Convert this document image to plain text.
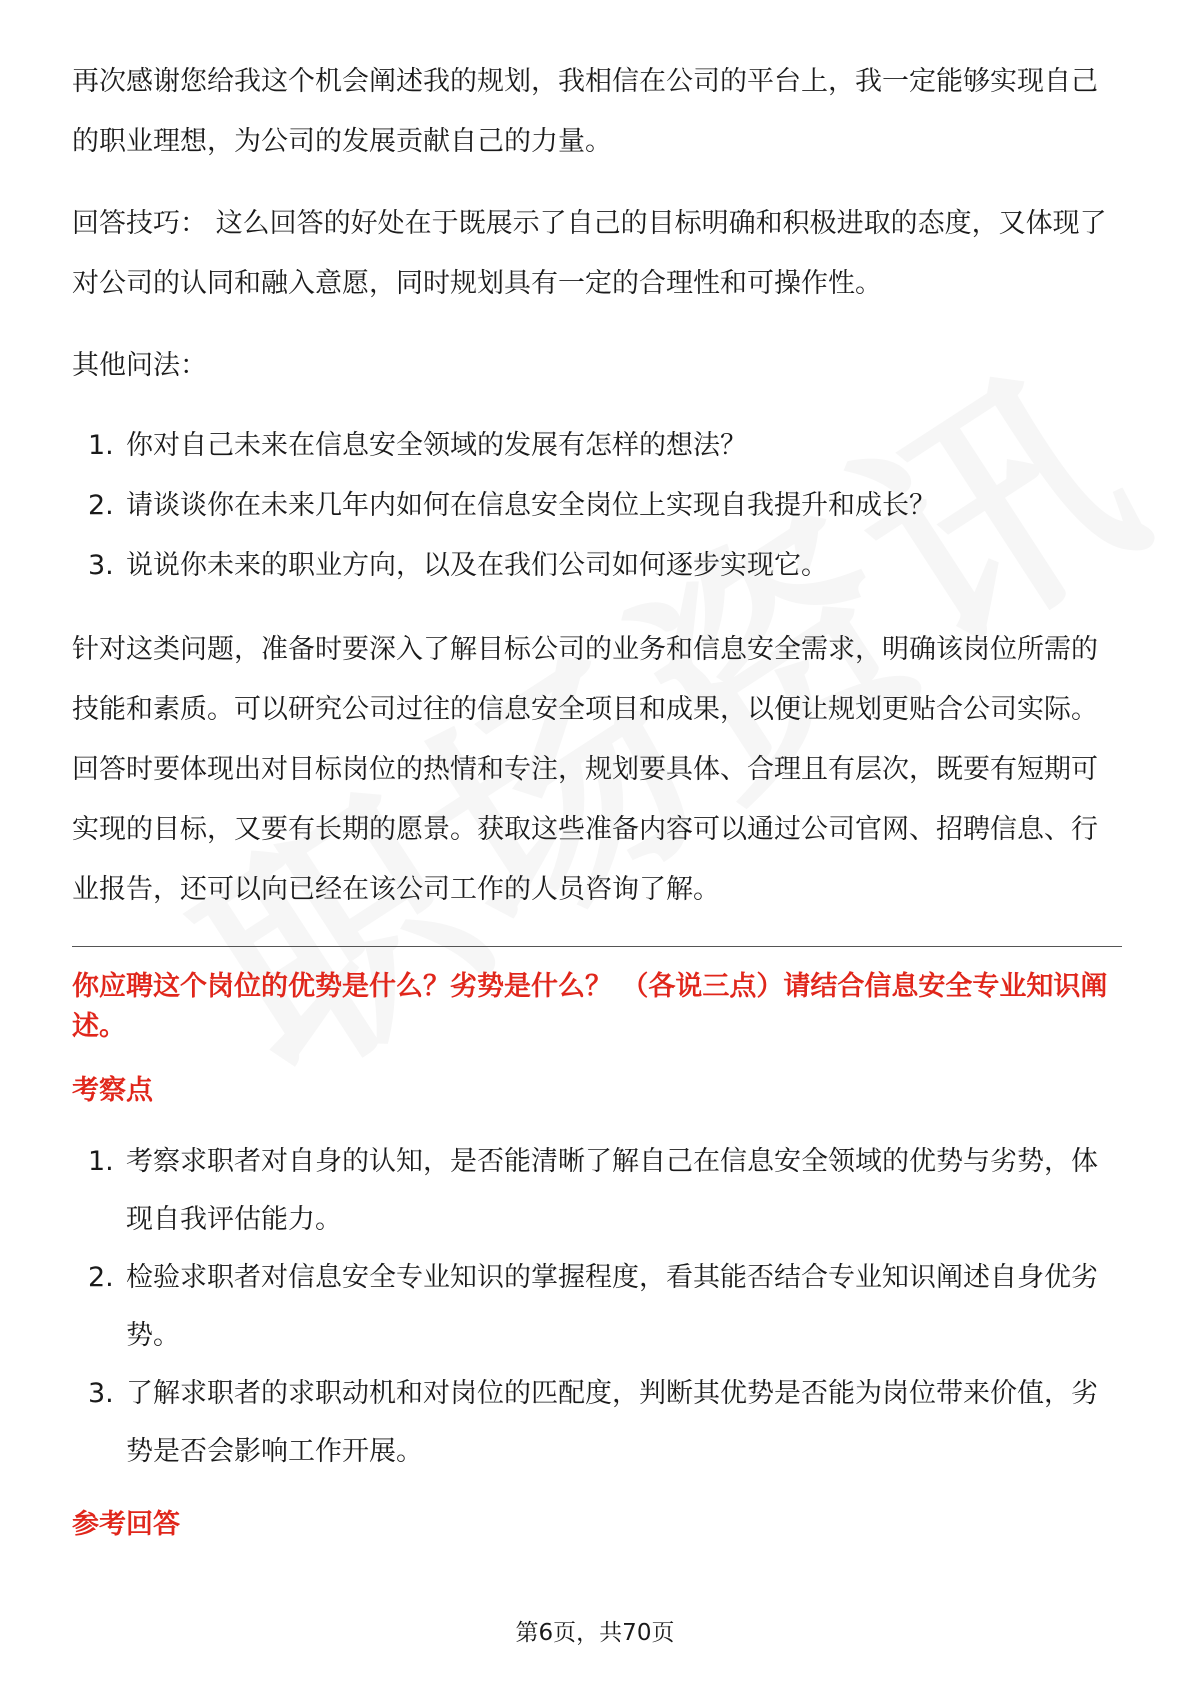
再次感谢您给我这个机会阐述我的规划，我相信在公司的平台上，我一定能够实现自己的职业理想，为公司的发展贡献自己的力量。

回答技巧： 这么回答的好处在于既展示了自己的目标明确和积极进取的态度，又体现了对公司的认同和融入意愿，同时规划具有一定的合理性和可操作性。

其他问法：

1. 你对自己未来在信息安全领域的发展有怎样的想法？
2. 请谈谈你在未来几年内如何在信息安全岗位上实现自我提升和成长？
3. 说说你未来的职业方向，以及在我们公司如何逐步实现它。

针对这类问题，准备时要深入了解目标公司的业务和信息安全需求，明确该岗位所需的技能和素质。可以研究公司过往的信息安全项目和成果，以便让规划更贴合公司实际。回答时要体现出对目标岗位的热情和专注，规划要具体、合理且有层次，既要有短期可实现的目标，又要有长期的愿景。获取这些准备内容可以通过公司官网、招聘信息、行业报告，还可以向已经在该公司工作的人员咨询了解。

你应聘这个岗位的优势是什么？劣势是什么？ （各说三点）请结合信息安全专业知识阐述。
考察点
1. 考察求职者对自身的认知，是否能清晰了解自己在信息安全领域的优势与劣势，体现自我评估能力。
2. 检验求职者对信息安全专业知识的掌握程度，看其能否结合专业知识阐述自身优劣势。
3. 了解求职者的求职动机和对岗位的匹配度，判断其优势是否能为岗位带来价值，劣势是否会影响工作开展。
参考回答
第6页，共70页
